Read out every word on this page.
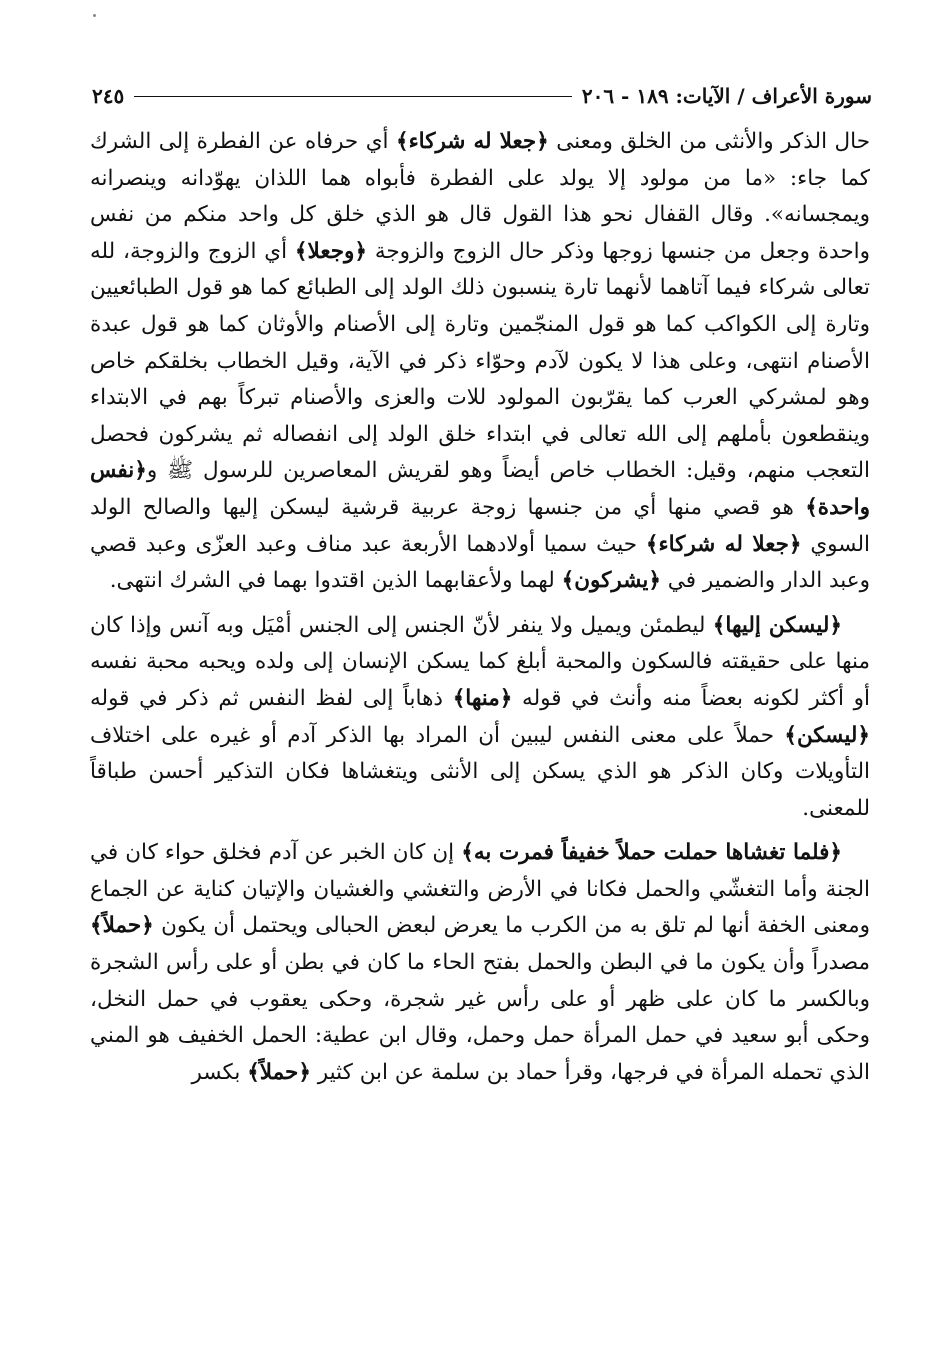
سورة الأعراف / الآيات: ١٨٩ - ٢٠٦
٢٤٥

حال الذكر والأنثى من الخلق ومعنى ﴿جعلا له شركاء﴾ أي حرفاه عن الفطرة إلى الشرك كما جاء: «ما من مولود إلا يولد على الفطرة فأبواه هما اللذان يهوّدانه وينصرانه ويمجسانه». وقال القفال نحو هذا القول قال هو الذي خلق كل واحد منكم من نفس واحدة وجعل من جنسها زوجها وذكر حال الزوج والزوجة ﴿وجعلا﴾ أي الزوج والزوجة، لله تعالى شركاء فيما آتاهما لأنهما تارة ينسبون ذلك الولد إلى الطبائع كما هو قول الطبائعيين وتارة إلى الكواكب كما هو قول المنجّمين وتارة إلى الأصنام والأوثان كما هو قول عبدة الأصنام انتهى، وعلى هذا لا يكون لآدم وحوّاء ذكر في الآية، وقيل الخطاب بخلقكم خاص وهو لمشركي العرب كما يقرّبون المولود للات والعزى والأصنام تبركاً بهم في الابتداء وينقطعون بأملهم إلى الله تعالى في ابتداء خلق الولد إلى انفصاله ثم يشركون فحصل التعجب منهم، وقيل: الخطاب خاص أيضاً وهو لقريش المعاصرين للرسول ﷺ و﴿نفس واحدة﴾ هو قصي منها أي من جنسها زوجة عربية قرشية ليسكن إليها والصالح الولد السوي ﴿جعلا له شركاء﴾ حيث سميا أولادهما الأربعة عبد مناف وعبد العزّى وعبد قصي وعبد الدار والضمير في ﴿يشركون﴾ لهما ولأعقابهما الذين اقتدوا بهما في الشرك انتهى.

﴿ليسكن إليها﴾ ليطمئن ويميل ولا ينفر لأنّ الجنس إلى الجنس أمْيَل وبه آنس وإذا كان منها على حقيقته فالسكون والمحبة أبلغ كما يسكن الإنسان إلى ولده ويحبه محبة نفسه أو أكثر لكونه بعضاً منه وأنث في قوله ﴿منها﴾ ذهاباً إلى لفظ النفس ثم ذكر في قوله ﴿ليسكن﴾ حملاً على معنى النفس ليبين أن المراد بها الذكر آدم أو غيره على اختلاف التأويلات وكان الذكر هو الذي يسكن إلى الأنثى ويتغشاها فكان التذكير أحسن طباقاً للمعنى.

﴿فلما تغشاها حملت حملاً خفيفاً فمرت به﴾ إن كان الخبر عن آدم فخلق حواء كان في الجنة وأما التغشّي والحمل فكانا في الأرض والتغشي والغشيان والإتيان كناية عن الجماع ومعنى الخفة أنها لم تلق به من الكرب ما يعرض لبعض الحبالى ويحتمل أن يكون ﴿حملاً﴾ مصدراً وأن يكون ما في البطن والحمل بفتح الحاء ما كان في بطن أو على رأس الشجرة وبالكسر ما كان على ظهر أو على رأس غير شجرة، وحكى يعقوب في حمل النخل، وحكى أبو سعيد في حمل المرأة حمل وحمل، وقال ابن عطية: الحمل الخفيف هو المني الذي تحمله المرأة في فرجها، وقرأ حماد بن سلمة عن ابن كثير ﴿حملاً﴾ بكسر
